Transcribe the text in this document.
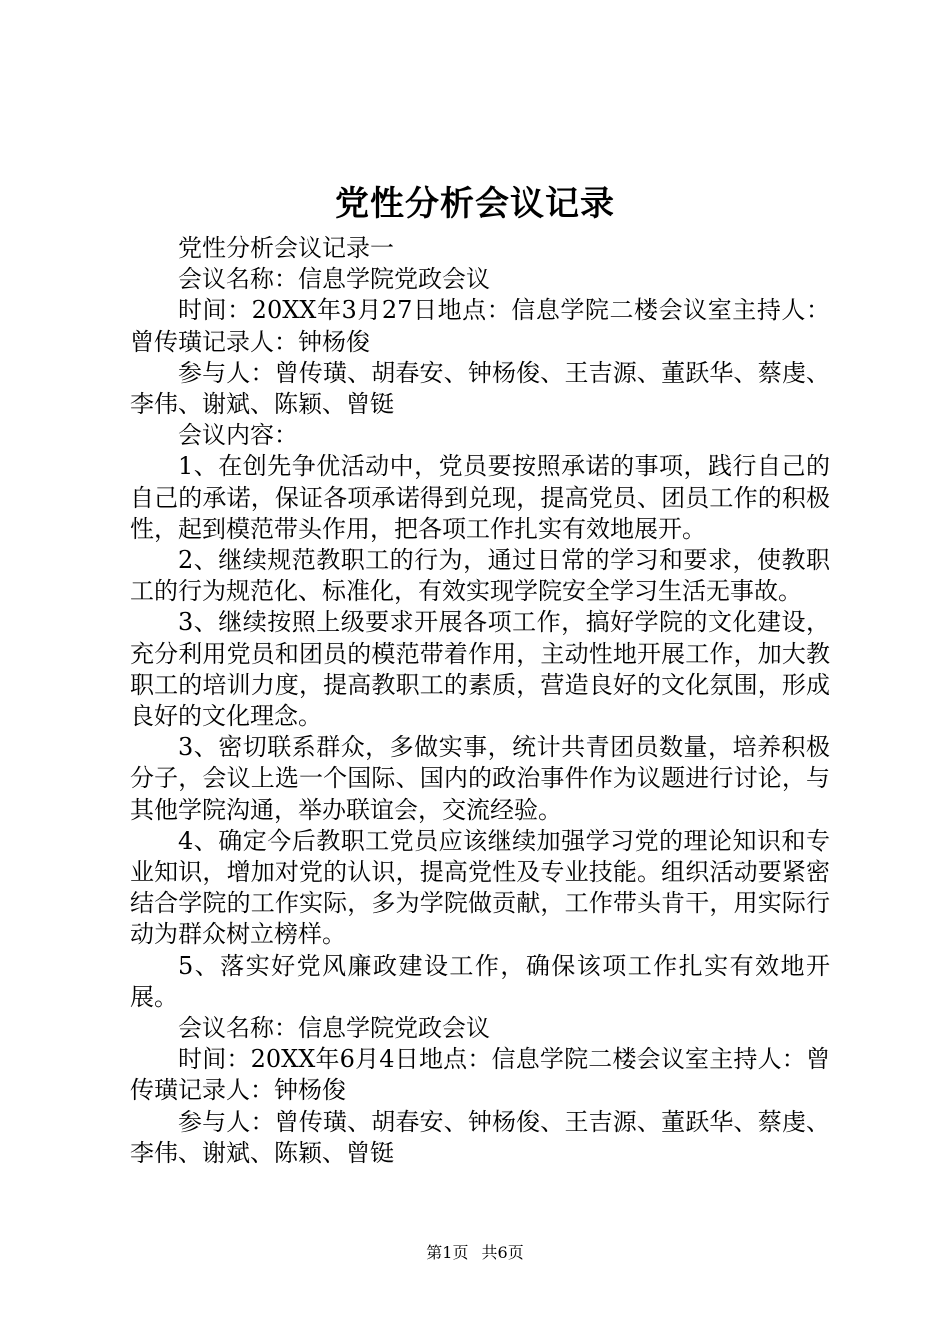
党性分析会议记录

党性分析会议记录一

会议名称：信息学院党政会议

时间：20XX年3月27日地点：信息学院二楼会议室主持人：曾传璜记录人：钟杨俊

参与人：曾传璜、胡春安、钟杨俊、王吉源、董跃华、蔡虔、李伟、谢斌、陈颖、曾铤

会议内容：

1、在创先争优活动中，党员要按照承诺的事项，践行自己的自己的承诺，保证各项承诺得到兑现，提高党员、团员工作的积极性，起到模范带头作用，把各项工作扎实有效地展开。

2、继续规范教职工的行为，通过日常的学习和要求，使教职工的行为规范化、标准化，有效实现学院安全学习生活无事故。

3、继续按照上级要求开展各项工作，搞好学院的文化建设，充分利用党员和团员的模范带着作用，主动性地开展工作，加大教职工的培训力度，提高教职工的素质，营造良好的文化氛围，形成良好的文化理念。

3、密切联系群众，多做实事，统计共青团员数量，培养积极分子，会议上选一个国际、国内的政治事件作为议题进行讨论，与其他学院沟通，举办联谊会，交流经验。

4、确定今后教职工党员应该继续加强学习党的理论知识和专业知识，增加对党的认识，提高党性及专业技能。组织活动要紧密结合学院的工作实际，多为学院做贡献，工作带头肯干，用实际行动为群众树立榜样。

5、落实好党风廉政建设工作，确保该项工作扎实有效地开展。

会议名称：信息学院党政会议

时间：20XX年6月4日地点：信息学院二楼会议室主持人：曾传璜记录人：钟杨俊

参与人：曾传璜、胡春安、钟杨俊、王吉源、董跃华、蔡虔、李伟、谢斌、陈颖、曾铤

第1页 共6页
